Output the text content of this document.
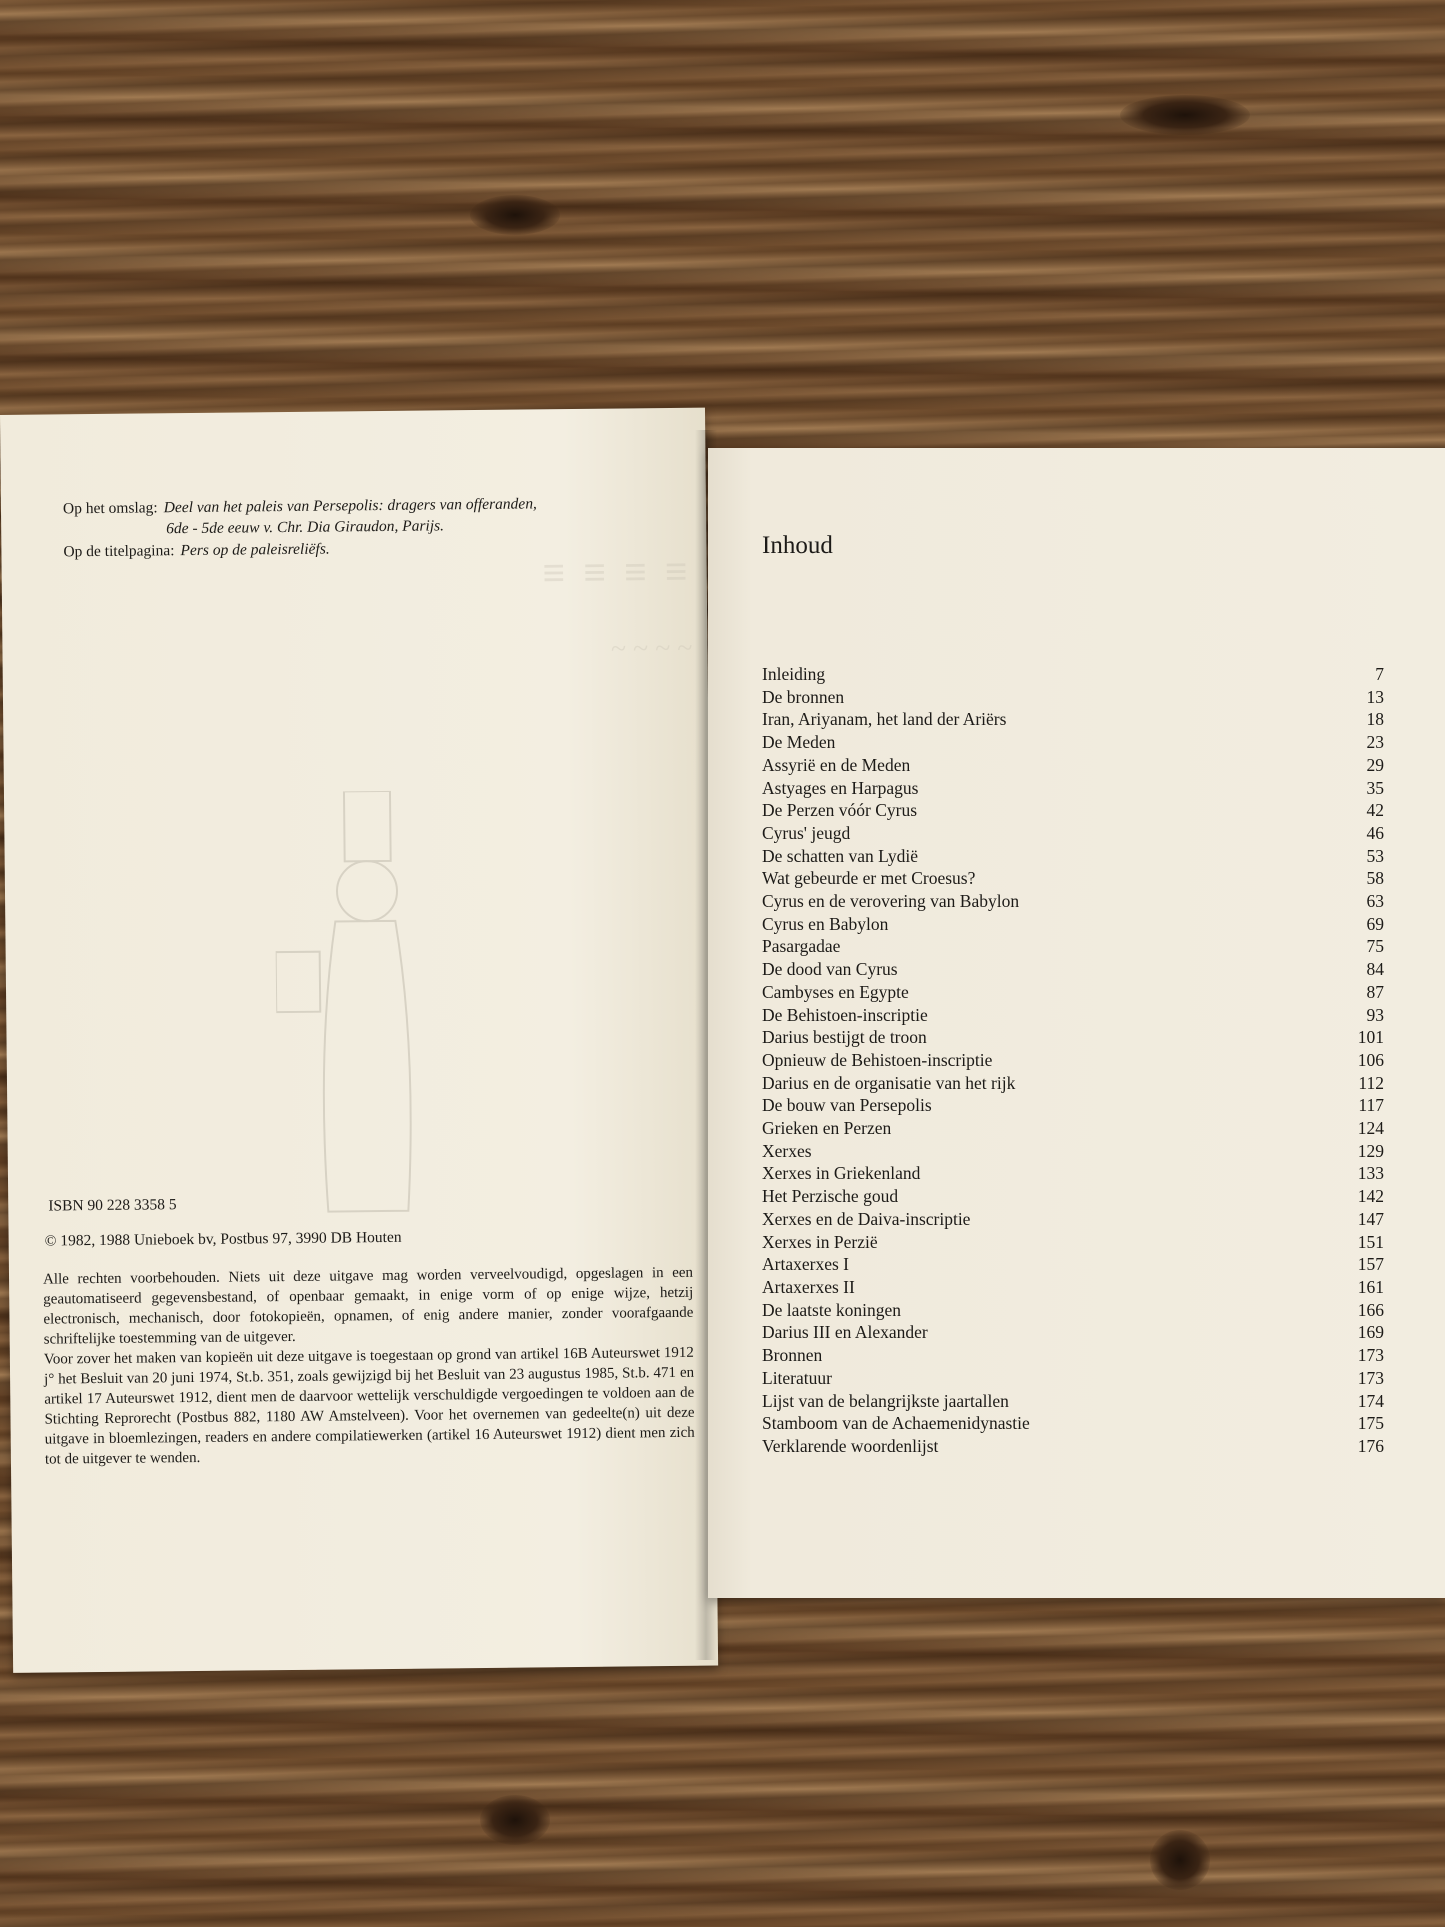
≡ ≡ ≡ ≡
~ ~ ~ ~
Op het omslag: Deel van het paleis van Persepolis: dragers van offeranden,
6de - 5de eeuw v. Chr. Dia Giraudon, Parijs.
Op de titelpagina: Pers op de paleisreliëfs.
ISBN 90 228 3358 5
© 1982, 1988 Unieboek bv, Postbus 97, 3990 DB Houten

Alle rechten voorbehouden. Niets uit deze uitgave mag worden verveelvoudigd, opgeslagen in een geautomatiseerd gegevensbestand, of openbaar gemaakt, in enige vorm of op enige wijze, hetzij electronisch, mechanisch, door fotokopieën, opnamen, of enig andere manier, zonder voorafgaande schriftelijke toestemming van de uitgever.

Voor zover het maken van kopieën uit deze uitgave is toegestaan op grond van artikel 16B Auteurswet 1912 j° het Besluit van 20 juni 1974, St.b. 351, zoals gewijzigd bij het Besluit van 23 augustus 1985, St.b. 471 en artikel 17 Auteurswet 1912, dient men de daarvoor wettelijk verschuldigde vergoedingen te voldoen aan de Stichting Reprorecht (Postbus 882, 1180 AW Amstelveen). Voor het overnemen van gedeelte(n) uit deze uitgave in bloemlezingen, readers en andere compilatiewerken (artikel 16 Auteurswet 1912) dient men zich tot de uitgever te wenden.

Inhoud
Inleiding	7
De bronnen	13
Iran, Ariyanam, het land der Ariërs	18
De Meden	23
Assyrië en de Meden	29
Astyages en Harpagus	35
De Perzen vóór Cyrus	42
Cyrus' jeugd	46
De schatten van Lydië	53
Wat gebeurde er met Croesus?	58
Cyrus en de verovering van Babylon	63
Cyrus en Babylon	69
Pasargadae	75
De dood van Cyrus	84
Cambyses en Egypte	87
De Behistoen-inscriptie	93
Darius bestijgt de troon	101
Opnieuw de Behistoen-inscriptie	106
Darius en de organisatie van het rijk	112
De bouw van Persepolis	117
Grieken en Perzen	124
Xerxes	129
Xerxes in Griekenland	133
Het Perzische goud	142
Xerxes en de Daiva-inscriptie	147
Xerxes in Perzië	151
Artaxerxes I	157
Artaxerxes II	161
De laatste koningen	166
Darius III en Alexander	169
Bronnen	173
Literatuur	173
Lijst van de belangrijkste jaartallen	174
Stamboom van de Achaemenidynastie	175
Verklarende woordenlijst	176
